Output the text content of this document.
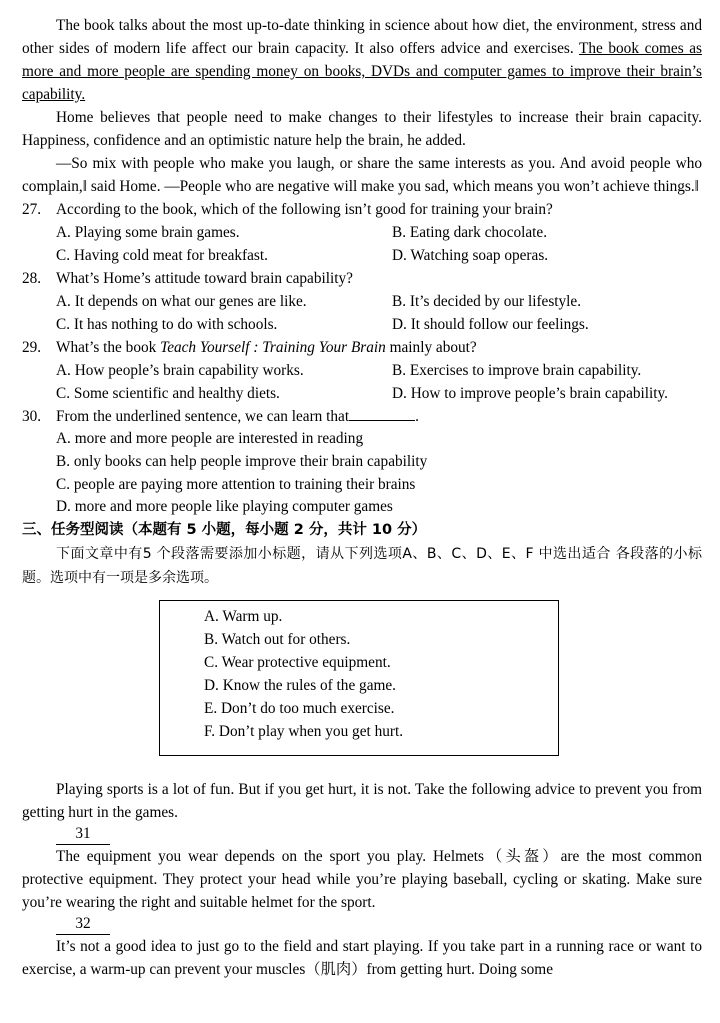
The book talks about the most up-to-date thinking in science about how diet, the environment, stress and other sides of modern life affect our brain capacity. It also offers advice and exercises. The book comes as more and more people are spending money on books, DVDs and computer games to improve their brain’s capability.

Home believes that people need to make changes to their lifestyles to increase their brain capacity. Happiness, confidence and an optimistic nature help the brain, he added.

―So mix with people who make you laugh, or share the same interests as you. And avoid people who complain,‖ said Home. ―People who are negative will make you sad, which means you won’t achieve things.‖

27. According to the book, which of the following isn’t good for training your brain?
A. Playing some brain games.	B. Eating dark chocolate.
C. Having cold meat for breakfast.	D. Watching soap operas.
28. What’s Home’s attitude toward brain capability?
A. It depends on what our genes are like.	B. It’s decided by our lifestyle.
C. It has nothing to do with schools.	D. It should follow our feelings.
29. What’s the book Teach Yourself : Training Your Brain mainly about?
A. How people’s brain capability works.	B. Exercises to improve brain capability.
C. Some scientific and healthy diets.	D. How to improve people’s brain capability.
30. From the underlined sentence, we can learn that	.
A. more and more people are interested in reading
B. only books can help people improve their brain capability
C. people are paying more attention to training their brains
D. more and more people like playing computer games
三、任务型阅读（本题有 5 小题，每小题 2 分，共计 10 分）

下面文章中有5 个段落需要添加小标题，请从下列选项A、B、C、D、E、F 中选出适合 各段落的小标题。选项中有一项是多余选项。

A. Warm up.
B. Watch out for others.
C. Wear protective equipment.
D. Know the rules of the game.
E. Don’t do too much exercise.
F. Don’t play when you get hurt.

Playing sports is a lot of fun. But if you get hurt, it is not. Take the following advice to prevent you from getting hurt in the games.

31

The equipment you wear depends on the sport you play. Helmets（头盔）are the most common protective equipment. They protect your head while you’re playing baseball, cycling or skating. Make sure you’re wearing the right and suitable helmet for the sport.

32

It’s not a good idea to just go to the field and start playing. If you take part in a running race or want to exercise, a warm-up can prevent your muscles（肌肉）from getting hurt. Doing some
